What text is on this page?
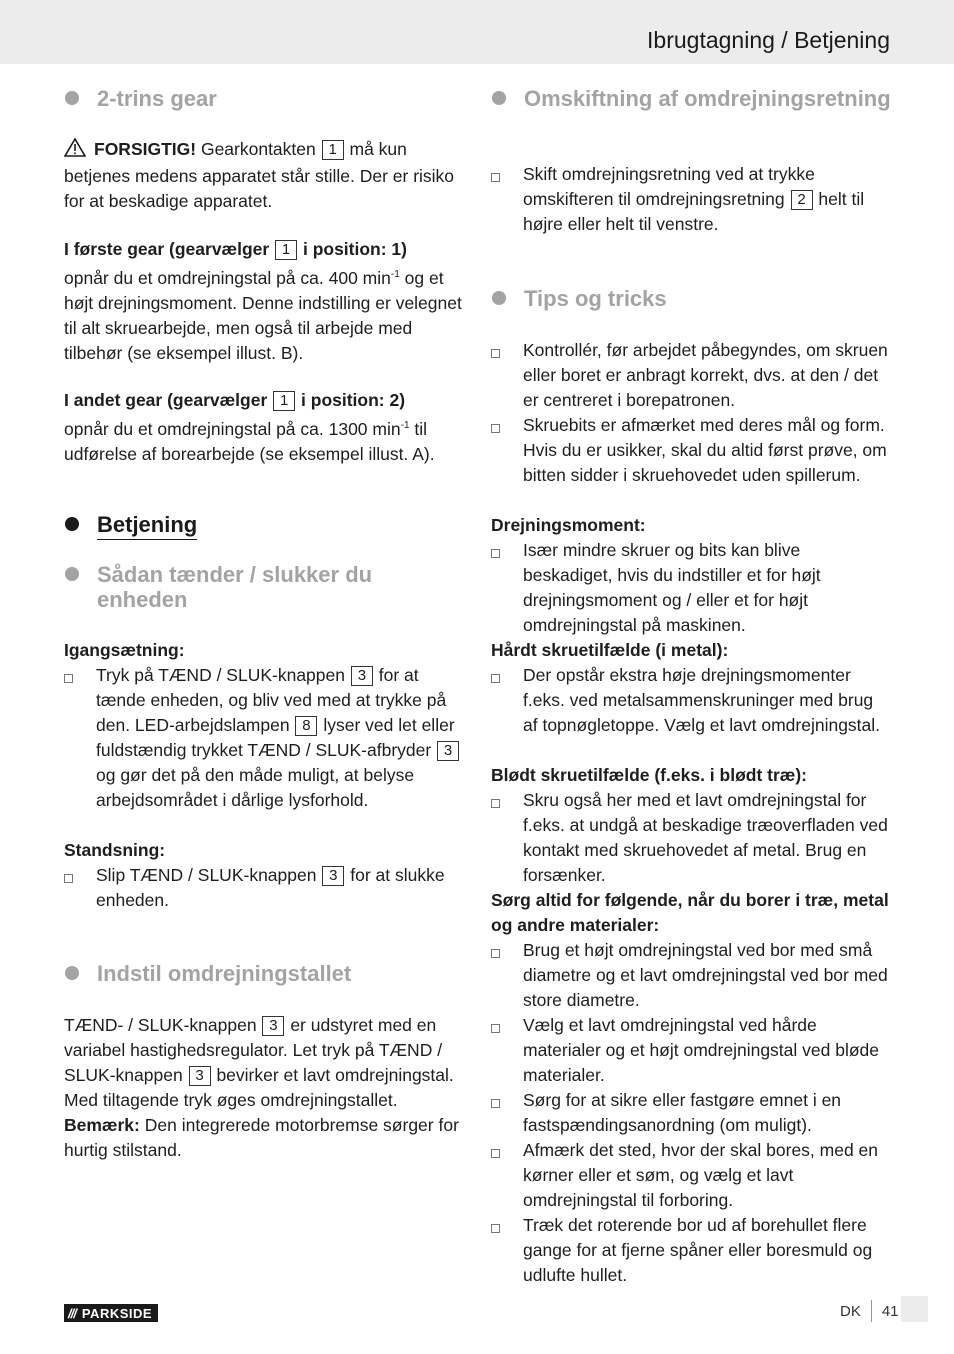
Ibrugtagning / Betjening
2-trins gear

FORSIGTIG! Gearkontakten 1 må kun betjenes medens apparatet står stille. Der er risiko for at beskadige apparatet.

I første gear (gearvælger 1 i position: 1)
opnår du et omdrejningstal på ca. 400 $\min^{-1}$ og et højt drejningsmoment. Denne indstilling er velegnet til alt skruearbejde, men også til arbejde med tilbehør (se eksempel illust. B).

I andet gear (gearvælger 1 i position: 2)
opnår du et omdrejningstal på ca. 1300 $\min^{-1}$ til udførelse af borearbejde (se eksempel illust. A).

Betjening
Sådan tænder / slukker du enheden

Igangsætning:

Tryk på TÆND / SLUK-knappen 3 for at tænde enheden, og bliv ved med at trykke på den. LED-arbejdslampen 8 lyser ved let eller fuldstændig trykket TÆND / SLUK-afbryder 3 og gør det på den måde muligt, at belyse arbejdsområdet i dårlige lysforhold.

Standsning:

Slip TÆND / SLUK-knappen 3 for at slukke enheden.
Indstil omdrejningstallet

TÆND- / SLUK-knappen 3 er udstyret med en variabel hastighedsregulator. Let tryk på TÆND / SLUK-knappen 3 bevirker et lavt omdrejningstal. Med tiltagende tryk øges omdrejningstallet. Bemærk: Den integrerede motorbremse sørger for hurtig stilstand.

Omskiftning af omdrejningsretning
Skift omdrejningsretning ved at trykke omskifteren til omdrejningsretning 2 helt til højre eller helt til venstre.
Tips og tricks
Kontrollér, før arbejdet påbegyndes, om skruen eller boret er anbragt korrekt, dvs. at den / det er centreret i borepatronen.
Skruebits er afmærket med deres mål og form. Hvis du er usikker, skal du altid først prøve, om bitten sidder i skruehovedet uden spillerum.

Drejningsmoment:

Især mindre skruer og bits kan blive beskadiget, hvis du indstiller et for højt drejningsmoment og / eller et for højt omdrejningstal på maskinen.

Hårdt skruetilfælde (i metal):

Der opstår ekstra høje drejningsmomenter f.eks. ved metalsammenskruninger med brug af topnøgletoppe. Vælg et lavt omdrejningstal.

Blødt skruetilfælde (f.eks. i blødt træ):

Skru også her med et lavt omdrejningstal for f.eks. at undgå at beskadige træoverfladen ved kontakt med skruehovedet af metal. Brug en forsænker.

Sørg altid for følgende, når du borer i træ, metal og andre materialer:

Brug et højt omdrejningstal ved bor med små diametre og et lavt omdrejningstal ved bor med store diametre.
Vælg et lavt omdrejningstal ved hårde materialer og et højt omdrejningstal ved bløde materialer.
Sørg for at sikre eller fastgøre emnet i en fastspændingsanordning (om muligt).
Afmærk det sted, hvor der skal bores, med en kørner eller et søm, og vælg et lavt omdrejningstal til forboring.
Træk det roterende bor ud af borehullet flere gange for at fjerne spåner eller boresmuld og udlufte hullet.
/// PARKSIDE	DK 41
